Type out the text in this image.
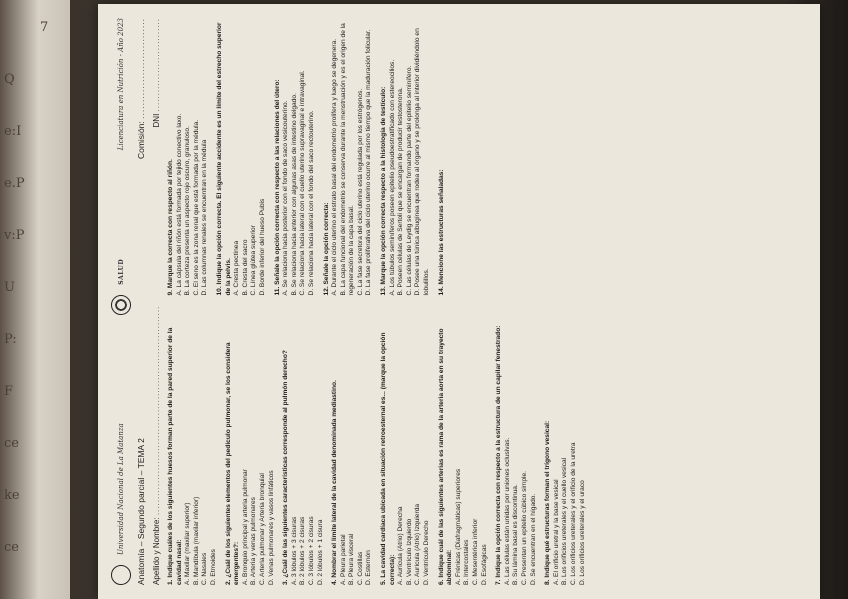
7
Q
e:I
e.P
v:P
U
P:
F
ce
ke
ce	Universidad Nacional de La Matanza
SALUD
Licenciatura en Nutrición - Año 2023
Anatomía – Segundo parcial – TEMA 2
Comisión: ..............................
Apellido y Nombre: .................................................................
DNI .............................
1. Indique cuáles de los siguientes huesos forman parte de la pared superior de la cavidad nasal: A. Maxilar (maxilar superior) B. Mandíbula (maxilar inferior) C. Nasales D. Etmoides 2. ¿Cuál de los siguientes elementos del pedículo pulmonar, se los considera emergentes?: A. Bronquio principal y arteria pulmonar B. Arteria y venas pulmonares C. Arteria pulmonar y Arteria bronquial D. Venas pulmonares y vasos linfáticos 3. ¿Cuál de las siguientes características corresponde al pulmón derecho? A. 3 lóbulos + 3 cisuras B. 2 lóbulos + 2 cisuras C. 3 lóbulos + 2 cisuras D. 2 lóbulos + 1 cisura 4. Nombrar el límite lateral de la cavidad denominada mediastino. A. Pleura parietal B. Pleura visceral C. Costillas D. Esternón 5. La cavidad cardíaca ubicada en situación retroesternal es... (marque la opción correcta): A. Aurícula (Atrio) Derecha B. Ventrículo Izquierdo C. Aurícula (Atrio) Izquierda D. Ventrículo Derecho 6. Indique cuál de las siguientes arterias es rama de la arteria aorta en su trayecto abdominal: A. Frénicas (Diafragmáticas) superiores B. Intercostales C. Mesentérica inferior D. Esofágicas 7. Indique la opción correcta con respecto a la estructura de un capilar fenestrado: A. Las células están unidas por uniones oclusivas. B. Su lámina basal es discontinua. C. Presentan un epitelio cúbico simple. D. Se encuentran en el hígado. 8. Indique qué estructuras forman el trígono vesical: A. El orificio uretral y la base vesical B. Los orificios ureterales y el cuello vesical C. Los orificios ureterales y el orificio de la uretra D. Los orificios ureterales y el uraco
9. Marque la correcta con respecto al riñón. A. La cápsula del riñón está formada por tejido conectivo laxo. B. La corteza presenta un aspecto rojo oscuro, granuloso. C. El seno es la zona renal que está formada por la médula. D. Las columnas renales se encuentran en la médula 10. Indique la opción correcta. El siguiente accidente es un límite del estrecho superior de la pelvis. A. Cresta pectínea B. Cresta del sacro C. Línea glútea superior D. Borde inferior del hueso Pubis 11. Señale la opción correcta con respecto a las relaciones del útero: A. Se relaciona hacia posterior con el fondo de saco vesicouterino. B. Se relaciona hacia anterior con algunas asas de intestino delgado. C. Se relaciona hacia lateral con el cuello uterino supravaginal e intravaginal. D. Se relaciona hacia lateral con el fondo del saco rectouterino. 12. Señale la opción correcta: A. Durante el ciclo uterino el estrato basal del endometrio prolifera y luego se degenera. B. La capa funcional del endometrio se conserva durante la menstruación y es el origen de la regeneración de la capa basal. C. La fase secretora del ciclo uterino está regulada por los estrógenos. D. La fase proliferativa del ciclo uterino ocurre al mismo tiempo que la maduración folicular. 13. Marque la opción correcta respecto a la histología de testículo: A. Los túbulos seminíferos poseen epitelio pseudoestratificado con estereocilios. B. Poseen células de Sertoli que se encargan de producir testosterona. C. Las células de Leydig se encuentran formando parte del epitelio seminífero. D. Posee una túnica albugínea que rodea al órgano y se prolonga al interior dividiéndolo en lobulillos. 14. Mencione las estructuras señaladas:
